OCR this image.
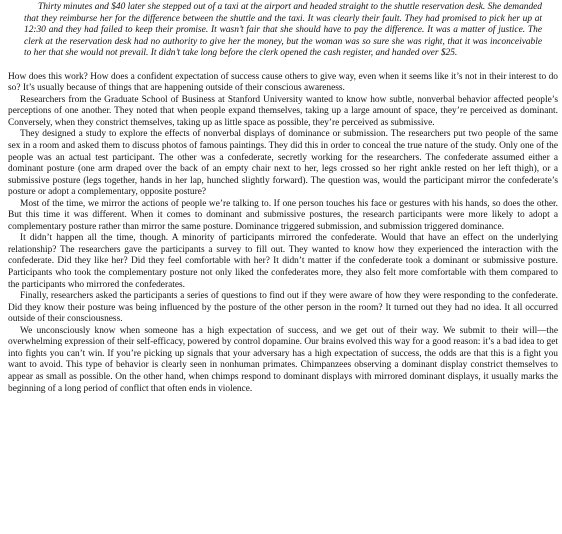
Thirty minutes and $40 later she stepped out of a taxi at the airport and headed straight to the shuttle reservation desk. She demanded that they reimburse her for the difference between the shuttle and the taxi. It was clearly their fault. They had promised to pick her up at 12:30 and they had failed to keep their promise. It wasn’t fair that she should have to pay the difference. It was a matter of justice. The clerk at the reservation desk had no authority to give her the money, but the woman was so sure she was right, that it was inconceivable to her that she would not prevail. It didn’t take long before the clerk opened the cash register, and handed over $25.

How does this work? How does a confident expectation of success cause others to give way, even when it seems like it’s not in their interest to do so? It’s usually because of things that are happening outside of their conscious awareness.

Researchers from the Graduate School of Business at Stanford University wanted to know how subtle, nonverbal behavior affected people’s perceptions of one another. They noted that when people expand themselves, taking up a large amount of space, they’re perceived as dominant. Conversely, when they constrict themselves, taking up as little space as possible, they’re perceived as submissive.

They designed a study to explore the effects of nonverbal displays of dominance or submission. The researchers put two people of the same sex in a room and asked them to discuss photos of famous paintings. They did this in order to conceal the true nature of the study. Only one of the people was an actual test participant. The other was a confederate, secretly working for the researchers. The confederate assumed either a dominant posture (one arm draped over the back of an empty chair next to her, legs crossed so her right ankle rested on her left thigh), or a submissive posture (legs together, hands in her lap, hunched slightly forward). The question was, would the participant mirror the confederate’s posture or adopt a complementary, opposite posture?

Most of the time, we mirror the actions of people we’re talking to. If one person touches his face or gestures with his hands, so does the other. But this time it was different. When it comes to dominant and submissive postures, the research participants were more likely to adopt a complementary posture rather than mirror the same posture. Dominance triggered submission, and submission triggered dominance.

It didn’t happen all the time, though. A minority of participants mirrored the confederate. Would that have an effect on the underlying relationship? The researchers gave the participants a survey to fill out. They wanted to know how they experienced the interaction with the confederate. Did they like her? Did they feel comfortable with her? It didn’t matter if the confederate took a dominant or submissive posture. Participants who took the complementary posture not only liked the confederates more, they also felt more comfortable with them compared to the participants who mirrored the confederates.

Finally, researchers asked the participants a series of questions to find out if they were aware of how they were responding to the confederate. Did they know their posture was being influenced by the posture of the other person in the room? It turned out they had no idea. It all occurred outside of their consciousness.

We unconsciously know when someone has a high expectation of success, and we get out of their way. We submit to their will—the overwhelming expression of their self-efficacy, powered by control dopamine. Our brains evolved this way for a good reason: it’s a bad idea to get into fights you can’t win. If you’re picking up signals that your adversary has a high expectation of success, the odds are that this is a fight you want to avoid. This type of behavior is clearly seen in nonhuman primates. Chimpanzees observing a dominant display constrict themselves to appear as small as possible. On the other hand, when chimps respond to dominant displays with mirrored dominant displays, it usually marks the beginning of a long period of conflict that often ends in violence.
